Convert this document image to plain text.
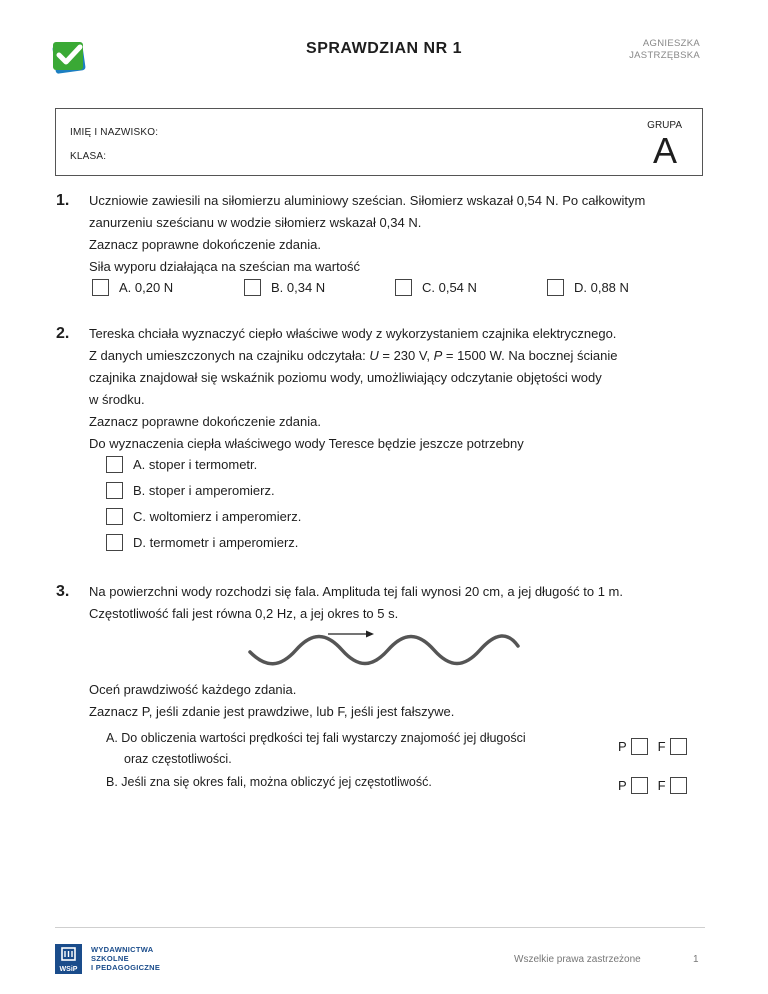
SPRAWDZIAN NR 1	AGNIESZKA
JASTRZĘBSKA
IMIĘ I NAZWISKO:
KLASA:
GRUPA
A
1. Uczniowie zawiesili na siłomierzu aluminiowy sześcian. Siłomierz wskazał 0,54 N. Po całkowitym
zanurzeniu sześcianu w wodzie siłomierz wskazał 0,34 N.
Zaznacz poprawne dokończenie zdania.
Siła wyporu działająca na sześcian ma wartość
A. 0,20 N	B. 0,34 N	C. 0,54 N	D. 0,88 N
2. Tereska chciała wyznaczyć ciepło właściwe wody z wykorzystaniem czajnika elektrycznego.
Z danych umieszczonych na czajniku odczytała: U = 230 V, P = 1500 W. Na bocznej ścianie
czajnika znajdował się wskaźnik poziomu wody, umożliwiający odczytanie objętości wody
w środku.
Zaznacz poprawne dokończenie zdania.
Do wyznaczenia ciepła właściwego wody Teresce będzie jeszcze potrzebny
A. stoper i termometr.
B. stoper i amperomierz.
C. woltomierz i amperomierz.
D. termometr i amperomierz.
3. Na powierzchni wody rozchodzi się fala. Amplituda tej fali wynosi 20 cm, a jej długość to 1 m.
Częstotliwość fali jest równa 0,2 Hz, a jej okres to 5 s.
Oceń prawdziwość każdego zdania.
Zaznacz P, jeśli zdanie jest prawdziwe, lub F, jeśli jest fałszywe.
A. Do obliczenia wartości prędkości tej fali wystarczy znajomość jej długości
oraz częstotliwości.
P F
B. Jeśli zna się okres fali, można obliczyć jej częstotliwość.	P F
WSiP
WYDAWNICTWA
SZKOLNE
I PEDAGOGICZNE
Wszelkie prawa zastrzeżone	1
